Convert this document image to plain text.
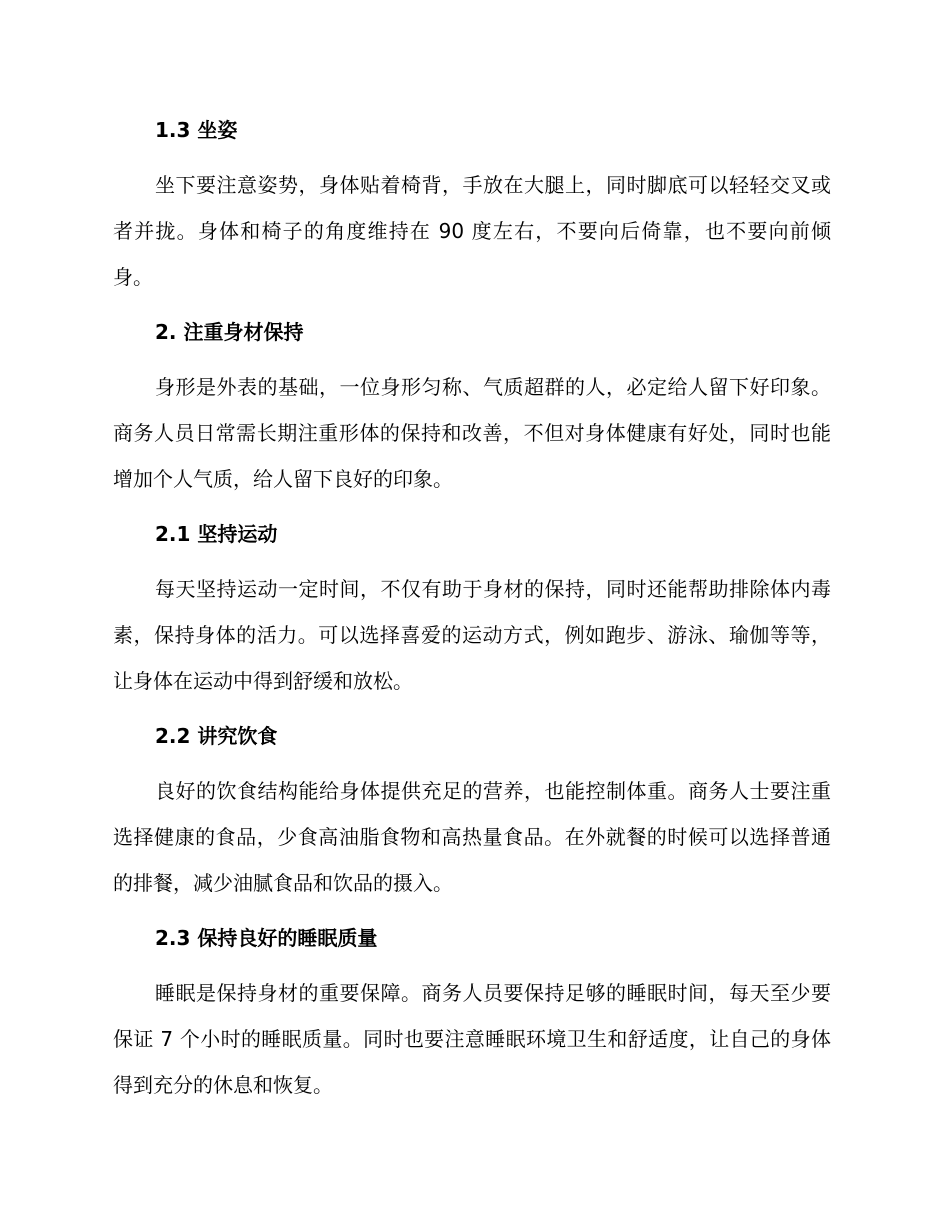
1.3 坐姿

坐下要注意姿势，身体贴着椅背，手放在大腿上，同时脚底可以轻轻交叉或者并拢。身体和椅子的角度维持在 90 度左右，不要向后倚靠，也不要向前倾身。

2. 注重身材保持

身形是外表的基础，一位身形匀称、气质超群的人，必定给人留下好印象。商务人员日常需长期注重形体的保持和改善，不但对身体健康有好处，同时也能增加个人气质，给人留下良好的印象。

2.1 坚持运动

每天坚持运动一定时间，不仅有助于身材的保持，同时还能帮助排除体内毒素，保持身体的活力。可以选择喜爱的运动方式，例如跑步、游泳、瑜伽等等，让身体在运动中得到舒缓和放松。

2.2 讲究饮食

良好的饮食结构能给身体提供充足的营养，也能控制体重。商务人士要注重选择健康的食品，少食高油脂食物和高热量食品。在外就餐的时候可以选择普通的排餐，减少油腻食品和饮品的摄入。

2.3 保持良好的睡眠质量

睡眠是保持身材的重要保障。商务人员要保持足够的睡眠时间，每天至少要保证 7 个小时的睡眠质量。同时也要注意睡眠环境卫生和舒适度，让自己的身体得到充分的休息和恢复。
